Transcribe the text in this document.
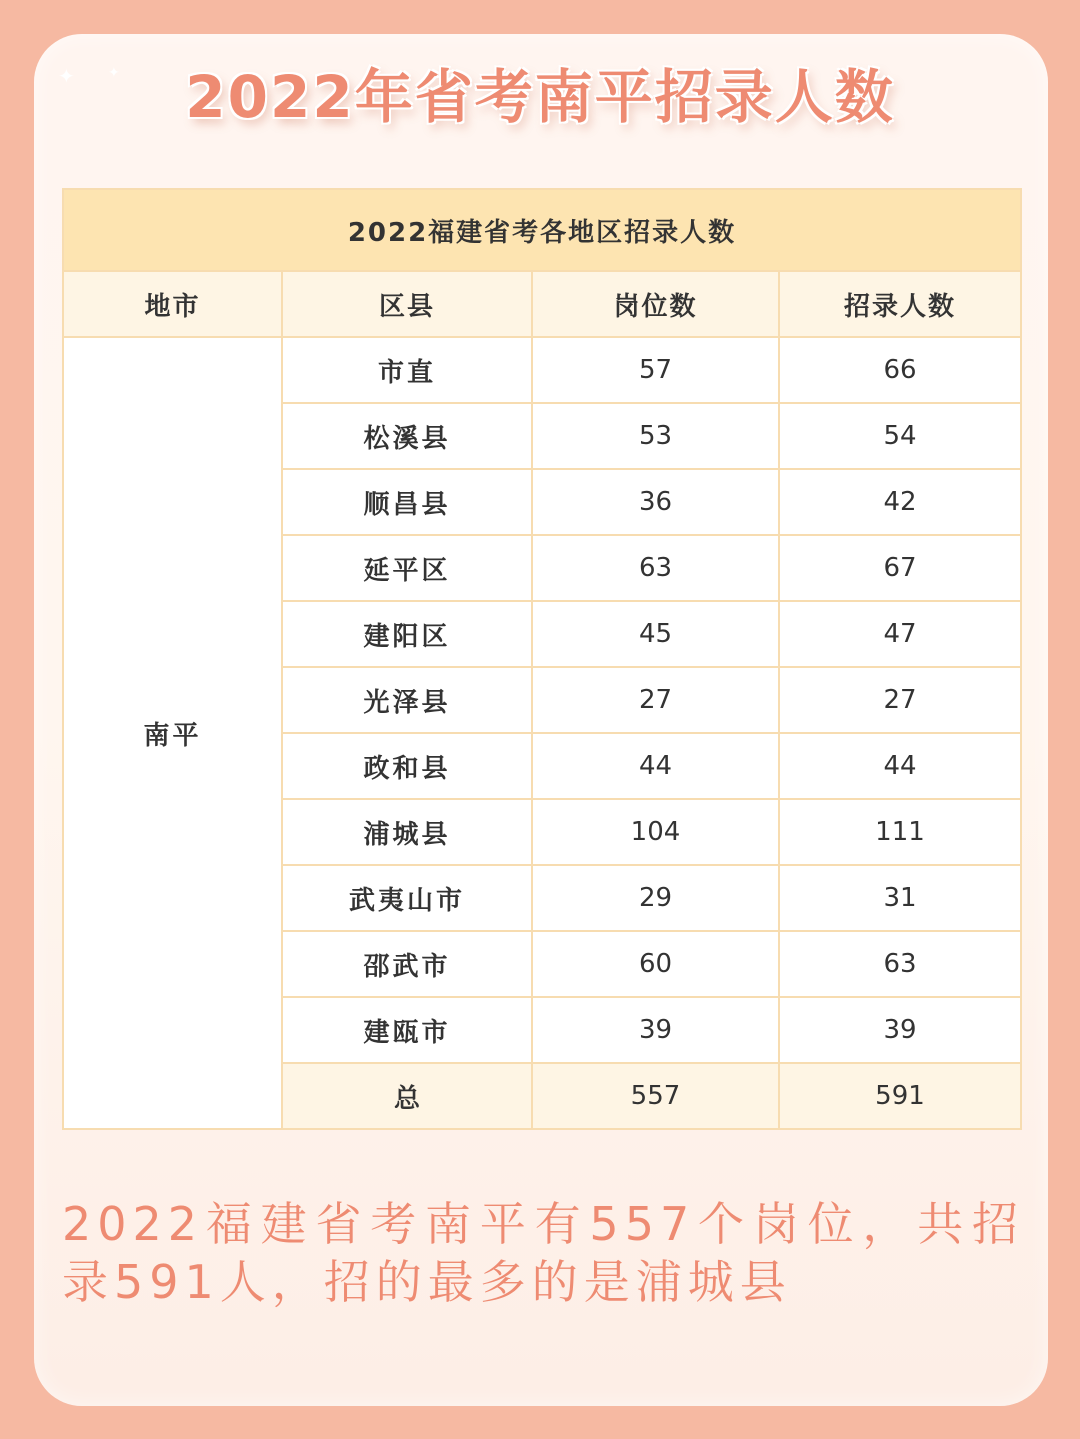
✦ ✦	2022年省考南平招录人数
2022福建省考各地区招录人数			
地市	区县	岗位数	招录人数
南平	市直	57	66
	松溪县	53	54
	顺昌县	36	42
	延平区	63	67
	建阳区	45	47
	光泽县	27	27
	政和县	44	44
	浦城县	104	111
	武夷山市	29	31
	邵武市	60	63
	建瓯市	39	39
	总	557	591
2022福建省考南平有557个岗位，共招录591人，招的最多的是浦城县
